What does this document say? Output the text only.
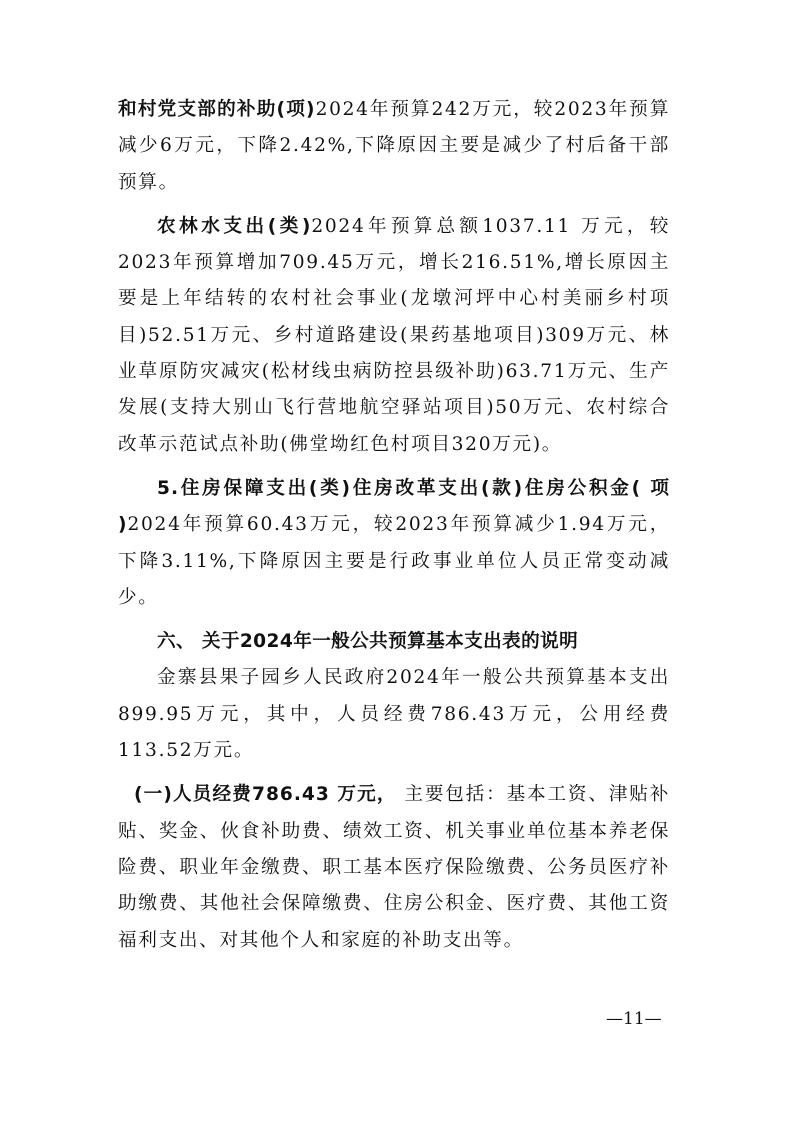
和村党支部的补助(项)2024年预算242万元，较2023年预算减少6万元，下降2.42%,下降原因主要是减少了村后备干部预算。

农林水支出(类)2024年预算总额1037.11 万元，较2023年预算增加709.45万元，增长216.51%,增长原因主要是上年结转的农村社会事业(龙墩河坪中心村美丽乡村项目)52.51万元、乡村道路建设(果药基地项目)309万元、林业草原防灾减灾(松材线虫病防控县级补助)63.71万元、生产发展(支持大别山飞行营地航空驿站项目)50万元、农村综合改革示范试点补助(佛堂坳红色村项目320万元)。

5.住房保障支出(类)住房改革支出(款)住房公积金( 项 )2024年预算60.43万元，较2023年预算减少1.94万元，下降3.11%,下降原因主要是行政事业单位人员正常变动减少。

六、 关于2024年一般公共预算基本支出表的说明

金寨县果子园乡人民政府2024年一般公共预算基本支出899.95万元，其中，人员经费786.43万元，公用经费113.52万元。

(一)人员经费786.43 万元， 主要包括：基本工资、津贴补贴、奖金、伙食补助费、绩效工资、机关事业单位基本养老保险费、职业年金缴费、职工基本医疗保险缴费、公务员医疗补助缴费、其他社会保障缴费、住房公积金、医疗费、其他工资福利支出、对其他个人和家庭的补助支出等。

—11—
